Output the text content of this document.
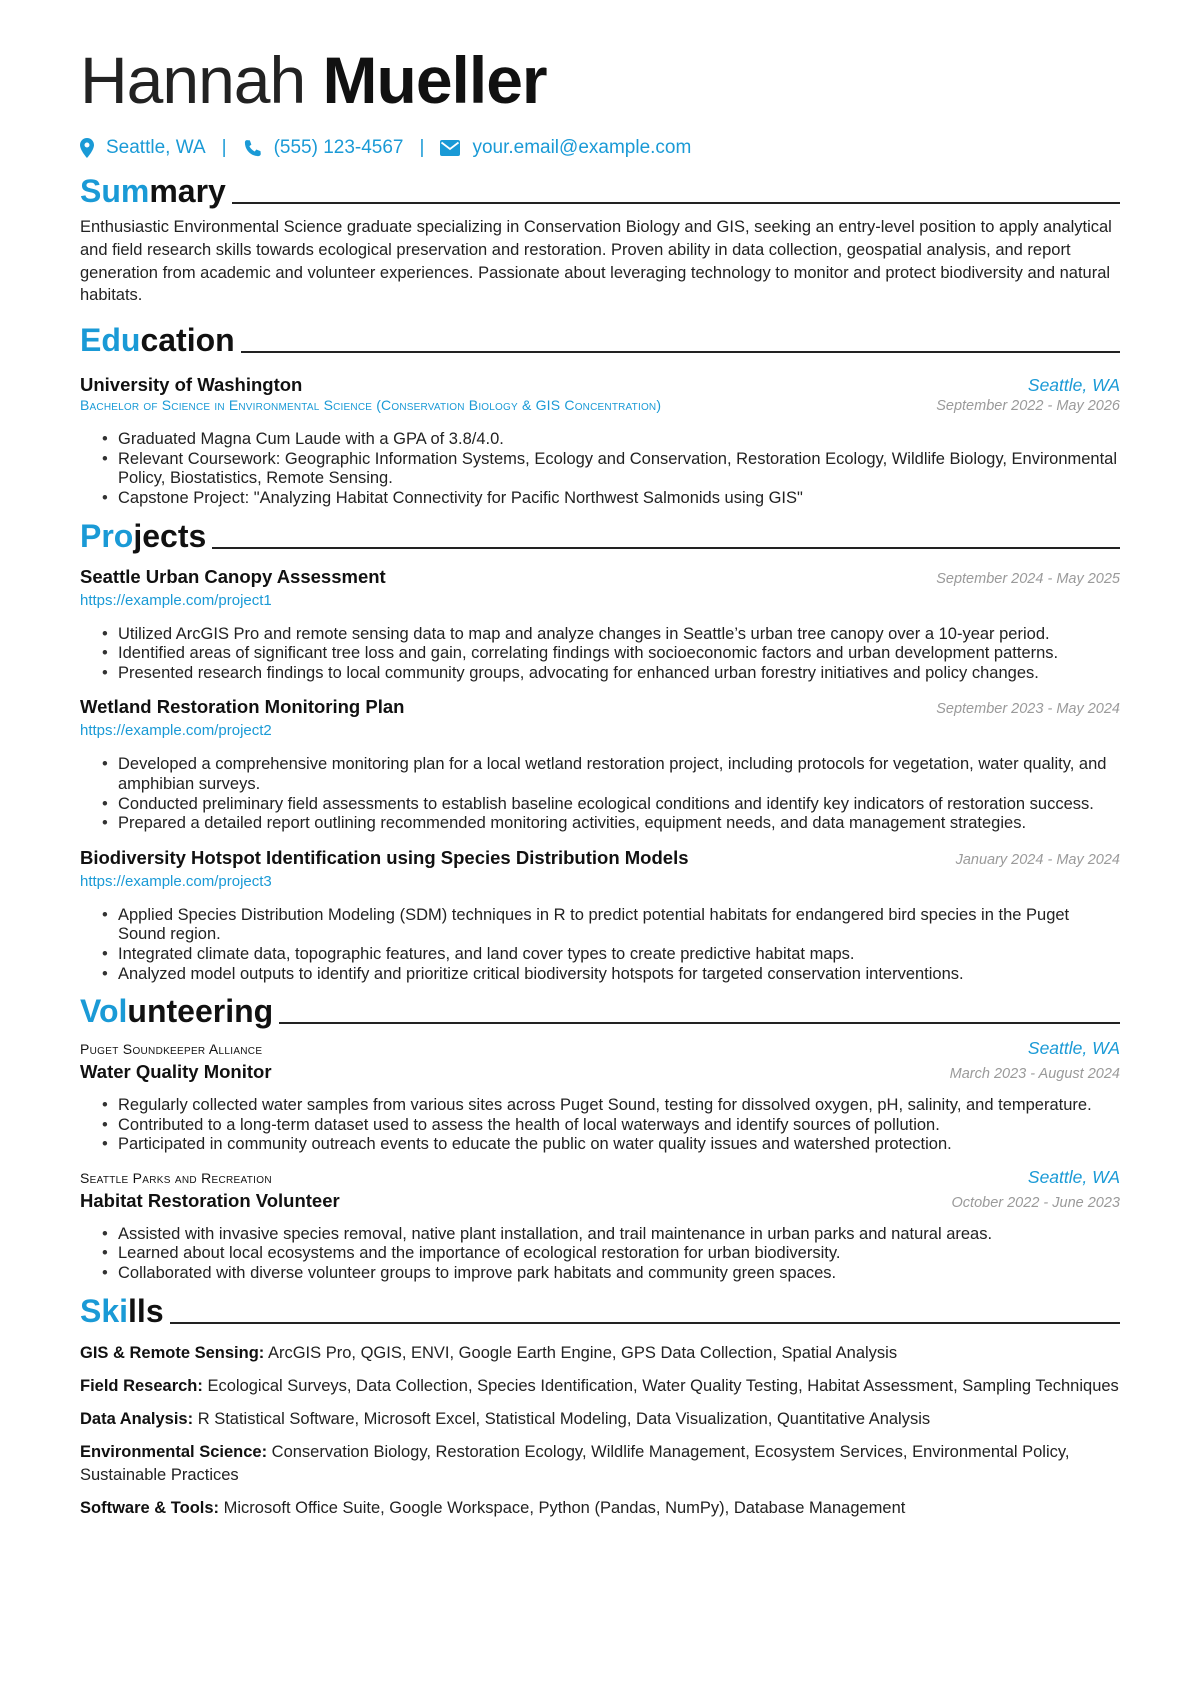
Hannah Mueller
Seattle, WA | (555) 123-4567 |	your.email@example.com
Summary

Enthusiastic Environmental Science graduate specializing in Conservation Biology and GIS, seeking an entry-level position to apply analytical and field research skills towards ecological preservation and restoration. Proven ability in data collection, geospatial analysis, and report generation from academic and volunteer experiences. Passionate about leveraging technology to monitor and protect biodiversity and natural habitats.

Education
University of Washington	Seattle, WA
Bachelor of Science in Environmental Science (Conservation Biology & GIS Concentration)	September 2022 - May 2026
• Graduated Magna Cum Laude with a GPA of 3.8/4.0.
• Relevant Coursework: Geographic Information Systems, Ecology and Conservation, Restoration Ecology, Wildlife Biology, Environmental Policy, Biostatistics, Remote Sensing.
• Capstone Project: "Analyzing Habitat Connectivity for Pacific Northwest Salmonids using GIS"
Projects
Seattle Urban Canopy Assessment	September 2024 - May 2025
https://example.com/project1
• Utilized ArcGIS Pro and remote sensing data to map and analyze changes in Seattle’s urban tree canopy over a 10-year period.
• Identified areas of significant tree loss and gain, correlating findings with socioeconomic factors and urban development patterns.
• Presented research findings to local community groups, advocating for enhanced urban forestry initiatives and policy changes.
Wetland Restoration Monitoring Plan	September 2023 - May 2024
https://example.com/project2
• Developed a comprehensive monitoring plan for a local wetland restoration project, including protocols for vegetation, water quality, and amphibian surveys.
• Conducted preliminary field assessments to establish baseline ecological conditions and identify key indicators of restoration success.
• Prepared a detailed report outlining recommended monitoring activities, equipment needs, and data management strategies.
Biodiversity Hotspot Identification using Species Distribution Models	January 2024 - May 2024
https://example.com/project3
• Applied Species Distribution Modeling (SDM) techniques in R to predict potential habitats for endangered bird species in the Puget Sound region.
• Integrated climate data, topographic features, and land cover types to create predictive habitat maps.
• Analyzed model outputs to identify and prioritize critical biodiversity hotspots for targeted conservation interventions.
Volunteering
Puget Soundkeeper Alliance	Seattle, WA
Water Quality Monitor	March 2023 - August 2024
• Regularly collected water samples from various sites across Puget Sound, testing for dissolved oxygen, pH, salinity, and temperature.
• Contributed to a long-term dataset used to assess the health of local waterways and identify sources of pollution.
• Participated in community outreach events to educate the public on water quality issues and watershed protection.
Seattle Parks and Recreation	Seattle, WA
Habitat Restoration Volunteer	October 2022 - June 2023
• Assisted with invasive species removal, native plant installation, and trail maintenance in urban parks and natural areas.
• Learned about local ecosystems and the importance of ecological restoration for urban biodiversity.
• Collaborated with diverse volunteer groups to improve park habitats and community green spaces.
Skills
GIS & Remote Sensing: ArcGIS Pro, QGIS, ENVI, Google Earth Engine, GPS Data Collection, Spatial Analysis
Field Research: Ecological Surveys, Data Collection, Species Identification, Water Quality Testing, Habitat Assessment, Sampling Techniques
Data Analysis: R Statistical Software, Microsoft Excel, Statistical Modeling, Data Visualization, Quantitative Analysis
Environmental Science: Conservation Biology, Restoration Ecology, Wildlife Management, Ecosystem Services, Environmental Policy, Sustainable Practices
Software & Tools: Microsoft Office Suite, Google Workspace, Python (Pandas, NumPy), Database Management
